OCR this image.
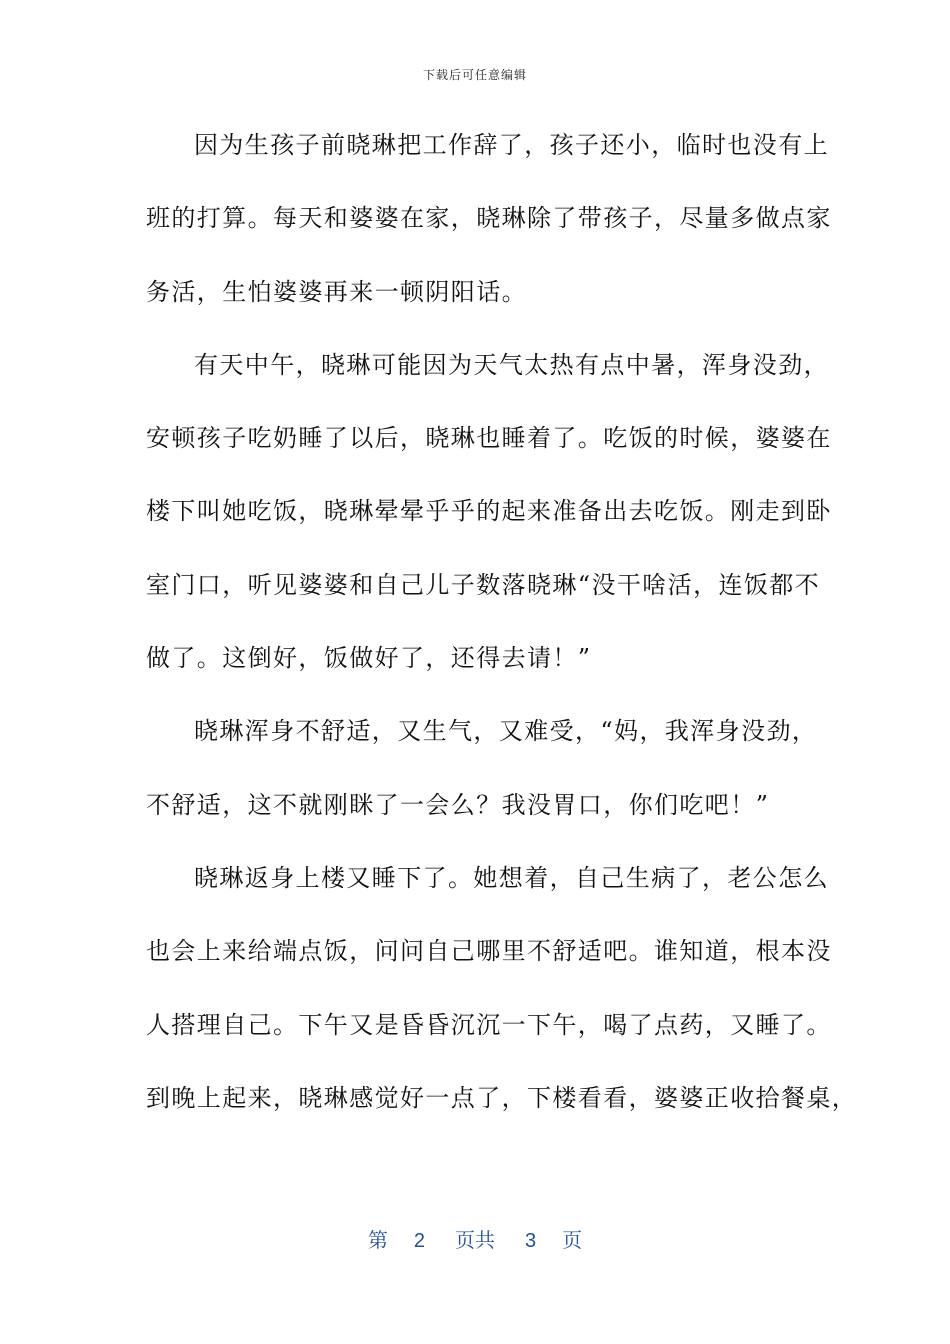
下载后可任意编辑
因为生孩子前晓琳把工作辞了，孩子还小，临时也没有上
班的打算。每天和婆婆在家，晓琳除了带孩子，尽量多做点家
务活，生怕婆婆再来一顿阴阳话。
有天中午，晓琳可能因为天气太热有点中暑，浑身没劲，
安顿孩子吃奶睡了以后，晓琳也睡着了。吃饭的时候，婆婆在
楼下叫她吃饭，晓琳晕晕乎乎的起来准备出去吃饭。刚走到卧
室门口，听见婆婆和自己儿子数落晓琳“没干啥活，连饭都不
做了。这倒好，饭做好了，还得去请！”
晓琳浑身不舒适，又生气，又难受，“妈，我浑身没劲，
不舒适，这不就刚眯了一会么？我没胃口，你们吃吧！”
晓琳返身上楼又睡下了。她想着，自己生病了，老公怎么
也会上来给端点饭，问问自己哪里不舒适吧。谁知道，根本没
人搭理自己。下午又是昏昏沉沉一下午，喝了点药，又睡了。
到晚上起来，晓琳感觉好一点了，下楼看看，婆婆正收拾餐桌，
第 2 页共 3 页
